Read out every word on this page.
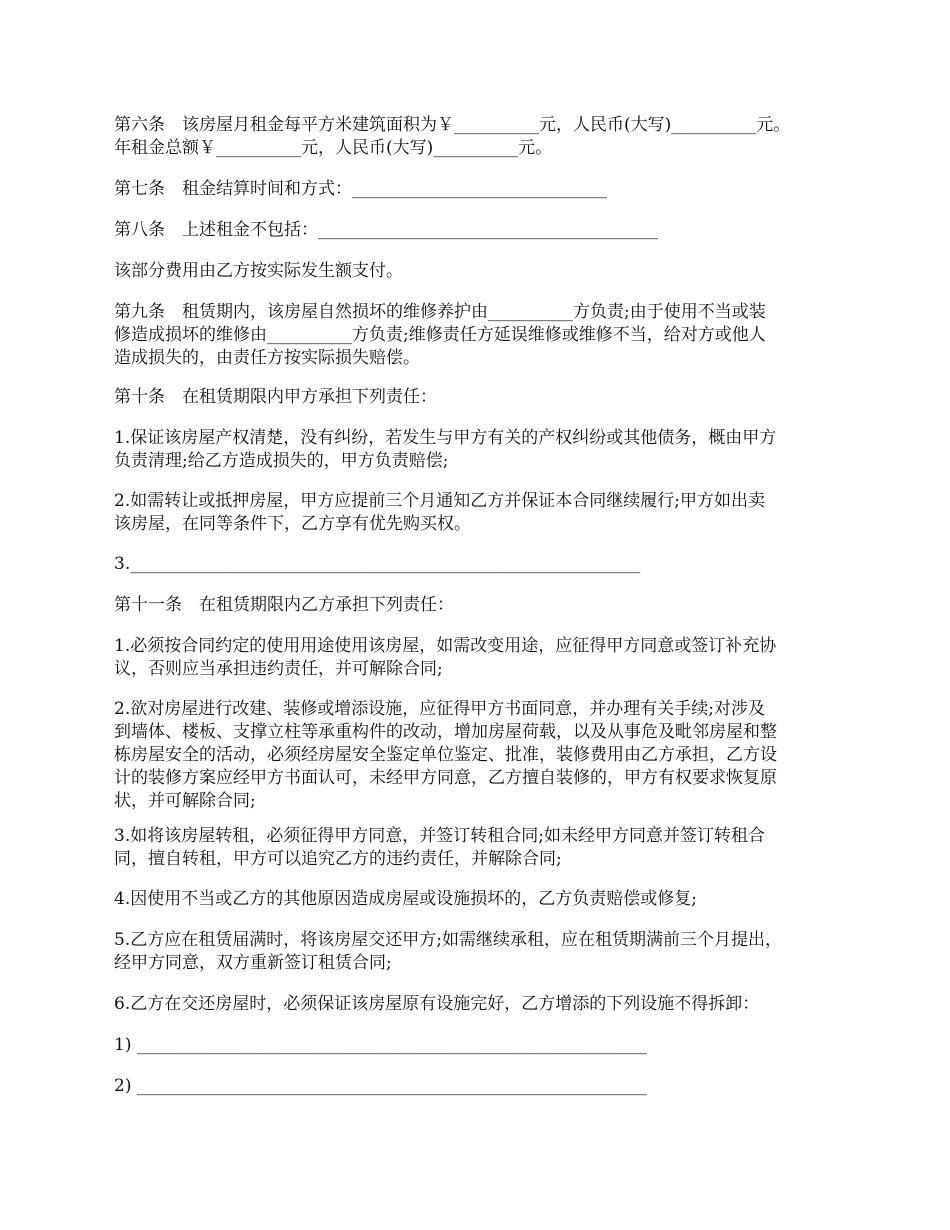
第六条　该房屋月租金每平方米建筑面积为￥__________元，人民币(大写)__________元。
年租金总额￥__________元，人民币(大写)__________元。

第七条　租金结算时间和方式：______________________________

第八条　上述租金不包括：________________________________________

该部分费用由乙方按实际发生额支付。

第九条　租赁期内，该房屋自然损坏的维修养护由__________方负责;由于使用不当或装
修造成损坏的维修由__________方负责;维修责任方延误维修或维修不当，给对方或他人
造成损失的，由责任方按实际损失赔偿。

第十条　在租赁期限内甲方承担下列责任：

1.保证该房屋产权清楚，没有纠纷，若发生与甲方有关的产权纠纷或其他债务，概由甲方
负责清理;给乙方造成损失的，甲方负责赔偿;

2.如需转让或抵押房屋，甲方应提前三个月通知乙方并保证本合同继续履行;甲方如出卖
该房屋，在同等条件下，乙方享有优先购买权。

3.____________________________________________________________

第十一条　在租赁期限内乙方承担下列责任：

1.必须按合同约定的使用用途使用该房屋，如需改变用途，应征得甲方同意或签订补充协
议，否则应当承担违约责任，并可解除合同;

2.欲对房屋进行改建、装修或增添设施，应征得甲方书面同意，并办理有关手续;对涉及
到墙体、楼板、支撑立柱等承重构件的改动，增加房屋荷载，以及从事危及毗邻房屋和整
栋房屋安全的活动，必须经房屋安全鉴定单位鉴定、批准，装修费用由乙方承担，乙方设
计的装修方案应经甲方书面认可，未经甲方同意，乙方擅自装修的，甲方有权要求恢复原
状，并可解除合同;

3.如将该房屋转租，必须征得甲方同意，并签订转租合同;如未经甲方同意并签订转租合
同，擅自转租，甲方可以追究乙方的违约责任，并解除合同;

4.因使用不当或乙方的其他原因造成房屋或设施损坏的，乙方负责赔偿或修复;

5.乙方应在租赁届满时，将该房屋交还甲方;如需继续承租，应在租赁期满前三个月提出，
经甲方同意，双方重新签订租赁合同;

6.乙方在交还房屋时，必须保证该房屋原有设施完好，乙方增添的下列设施不得拆卸：

1) ____________________________________________________________

2) ____________________________________________________________
